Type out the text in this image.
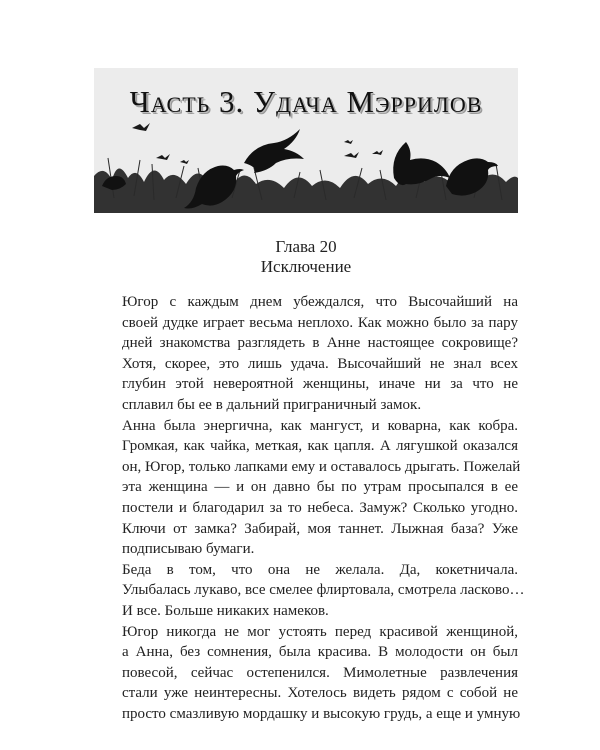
Часть 3. Удача Мэррилов
Глава 20
Исключение

Югор с каждым днем убеждался, что Высочайший на
своей дудке играет весьма неплохо. Как можно было за пару
дней знакомства разглядеть в Анне настоящее сокровище?
Хотя, скорее, это лишь удача. Высочайший не знал всех
глубин этой невероятной женщины, иначе ни за что не
сплавил бы ее в дальний приграничный замок.

Анна была энергична, как мангуст, и коварна, как кобра.
Громкая, как чайка, меткая, как цапля. А лягушкой оказался
он, Югор, только лапками ему и оставалось дрыгать. Пожелай
эта женщина — и он давно бы по утрам просыпался в ее
постели и благодарил за то небеса. Замуж? Сколько угодно.
Ключи от замка? Забирай, моя таннет. Лыжная база? Уже
подписываю бумаги.

Беда в том, что она не желала. Да, кокетничала.
Улыбалась лукаво, все смелее флиртовала, смотрела ласково…
И все. Больше никаких намеков.

Югор никогда не мог устоять перед красивой женщиной,
а Анна, без сомнения, была красива. В молодости он был
повесой, сейчас остепенился. Мимолетные развлечения
стали уже неинтересны. Хотелось видеть рядом с собой не
просто смазливую мордашку и высокую грудь, а еще и умную
